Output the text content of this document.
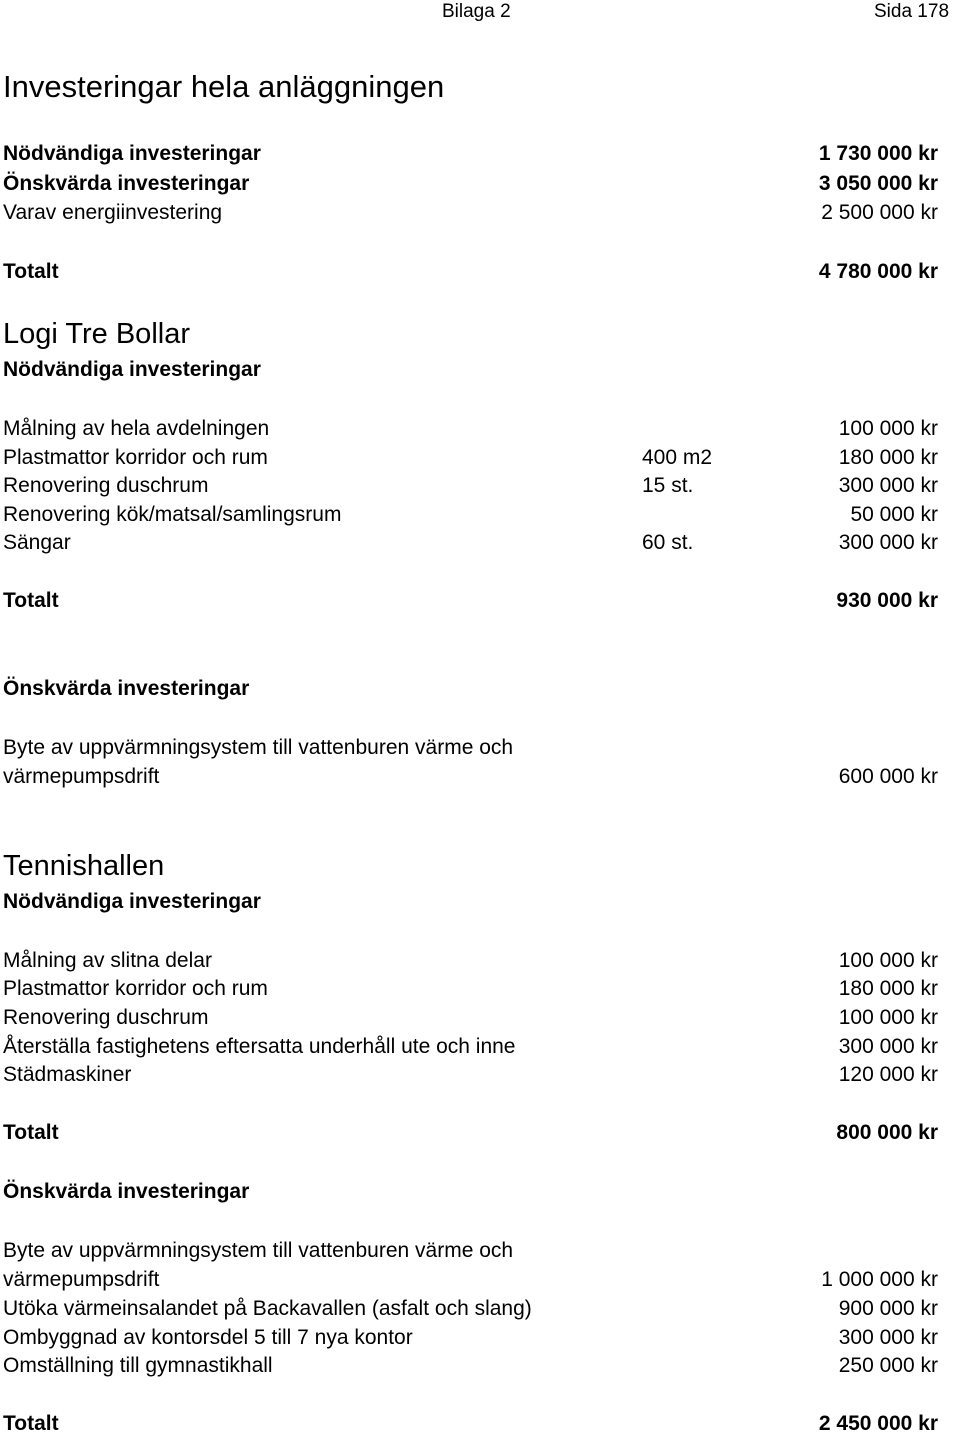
Bilaga 2	Sida 178
Investeringar hela anläggningen
Nödvändiga investeringar	1 730 000 kr
Önskvärda investeringar	3 050 000 kr
Varav energiinvestering	2 500 000 kr
Totalt	4 780 000 kr
Logi Tre Bollar
Nödvändiga investeringar
Målning av hela avdelningen	100 000 kr
Plastmattor korridor och rum	400 m2	180 000 kr
Renovering duschrum	15 st.	300 000 kr
Renovering kök/matsal/samlingsrum	50 000 kr
Sängar	60 st.	300 000 kr
Totalt	930 000 kr
Önskvärda investeringar
Byte av uppvärmningsystem till vattenburen värme och
värmepumpsdrift	600 000 kr
Tennishallen
Nödvändiga investeringar
Målning av slitna delar	100 000 kr
Plastmattor korridor och rum	180 000 kr
Renovering duschrum	100 000 kr
Återställa fastighetens eftersatta underhåll ute och inne	300 000 kr
Städmaskiner	120 000 kr
Totalt	800 000 kr
Önskvärda investeringar
Byte av uppvärmningsystem till vattenburen värme och
värmepumpsdrift	1 000 000 kr
Utöka värmeinsalandet på Backavallen (asfalt och slang)	900 000 kr
Ombyggnad av kontorsdel 5 till 7 nya kontor	300 000 kr
Omställning till gymnastikhall	250 000 kr
Totalt	2 450 000 kr
